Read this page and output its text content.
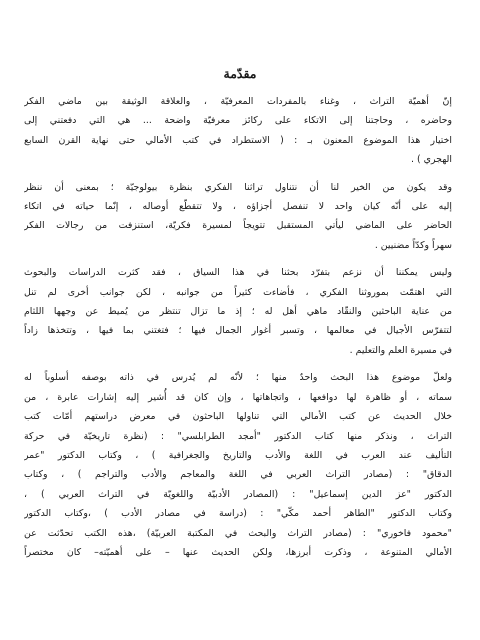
مقدّمة
إنّ أهميّة التراث ، وغناء بالمفردات المعرفيّة ، والعلاقة الوثيقة بين ماضي الفكر
وحاضره ، وحاجتنا إلى الاتكاء على ركائز معرفيّة واضحة ... هي التي دفعتني إلى
اختيار هذا الموضوع المعنون بـ : ( الاستطراد في كتب الأمالي حتى نهاية القرن السابع
الهجري ) .
وقد يكون من الخير لنا أن نتناول تراثنا الفكري بنظرة بيولوجيّة ؛ بمعنى أن ننظر
إليه على أنّه كيان واحد لا تنفصل أجزاؤه ، ولا تتقطّع أوصاله ، إنّما حياته في اتكاء
الحاضر على الماضي ليأتي المستقبل تتويجاً لمسيرة فكريّة، استنزفت من رجالات الفكر
سهراً وكدّاً مضنيين .
وليس يمكننا أن نزعم بتفرّد بحثنا في هذا السياق ، فقد كثرت الدراسات والبحوث
التي اهتمّت بموروثنا الفكري ، فأضاءت كثيراً من جوانبه ، لكن جوانب أخرى لم تنل
من عناية الباحثين والنقّاد ماهي أهل له ؛ إذ ما تزال تنتظر من يُميط عن وجهها اللثام
لتتفرّس الأجيال في معالمها ، وتسبر أغوار الجمال فيها ؛ فتغتني بما فيها ، وتتخذها زاداً
في مسيرة العلم والتعليم .
ولعلّ موضوع هذا البحث واحدٌ منها ؛ لأنّه لم يُدرس في ذاته بوصفه أسلوباً له
سماته ، أو ظاهرة لها دوافعها ، واتجاهاتها ، وإن كان قد أُشير إليه إشارات عابرة ، من
خلال الحديث عن كتب الأمالي التي تناولها الباحثون في معرض دراستهم أمّات كتب
التراث ، ونذكر منها كتاب الدكتور "أمجد الطرابلسي" : (نظرة تاريخيّة في حركة
التأليف عند العرب في اللغة والأدب والتاريخ والجغرافية ) ، وكتاب الدكتور "عمر
الدقاق" : (مصادر التراث العربي في اللغة والمعاجم والأدب والتراجم ) ، وكتاب
الدكتور "عز الدين إسماعيل" : (المصادر الأدبيّة واللغويّة في التراث العربي ) ،
وكتاب الدكتور "الطاهر أحمد مكّي" : (دراسة في مصادر الأدب ) ،وكتاب الدكتور
"محمود فاخوري" : (مصادر التراث والبحث في المكتبة العربيّة) ،هذه الكتب تحدّثت عن
الأمالي المتنوعة ، وذكرت أبرزها، ولكن الحديث عنها – على أهميّته– كان مختصراً
